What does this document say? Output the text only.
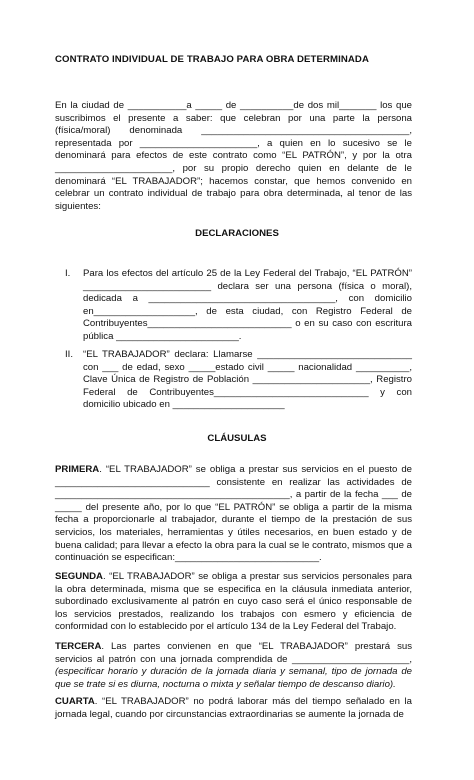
CONTRATO INDIVIDUAL DE TRABAJO PARA OBRA DETERMINADA

En la ciudad de ___________a _____ de __________de dos mil_______ los que suscribimos el presente a saber: que celebran por una parte la persona (física/moral) denominada _______________________________________, representada por ______________________, a quien en lo sucesivo se le denominará para efectos de este contrato como “EL PATRÓN”, y por la otra ______________________, por su propio derecho quien en delante de le denominará “EL TRABAJADOR”; hacemos constar, que hemos convenido en celebrar un contrato individual de trabajo para obra determinada, al tenor de las siguientes:

DECLARACIONES
I. Para los efectos del artículo 25 de la Ley Federal del Trabajo, “EL PATRÓN” ________________________ declara ser una persona (física o moral), dedicada a ___________________________________, con domicilio en___________________, de esta ciudad, con Registro Federal de Contribuyentes___________________________ o en su caso con escritura pública _______________________.
II. “EL TRABAJADOR” declara: Llamarse _____________________________ con ___ de edad, sexo _____estado civil _____ nacionalidad __________, Clave Única de Registro de Población ______________________, Registro Federal de Contribuyentes_____________________________ y con domicilio ubicado en _____________________
CLÁUSULAS

PRIMERA. “EL TRABAJADOR” se obliga a prestar sus servicios en el puesto de _____________________________ consistente en realizar las actividades de ____________________________________________, a partir de la fecha ___ de _____ del presente año, por lo que “EL PATRÓN” se obliga a partir de la misma fecha a proporcionarle al trabajador, durante el tiempo de la prestación de sus servicios, los materiales, herramientas y útiles necesarios, en buen estado y de buena calidad; para llevar a efecto la obra para la cual se le contrato, mismos que a continuación se especifican:___________________________.

SEGUNDA. “EL TRABAJADOR” se obliga a prestar sus servicios personales para la obra determinada, misma que se especifica en la cláusula inmediata anterior, subordinado exclusivamente al patrón en cuyo caso será el único responsable de los servicios prestados, realizando los trabajos con esmero y eficiencia de conformidad con lo establecido por el artículo 134 de la Ley Federal del Trabajo.

TERCERA. Las partes convienen en que “EL TRABAJADOR” prestará sus servicios al patrón con una jornada comprendida de ______________________, (especificar horario y duración de la jornada diaria y semanal, tipo de jornada de que se trate si es diurna, nocturna o mixta y señalar tiempo de descanso diario).

CUARTA. “EL TRABAJADOR” no podrá laborar más del tiempo señalado en la jornada legal, cuando por circunstancias extraordinarias se aumente la jornada de
